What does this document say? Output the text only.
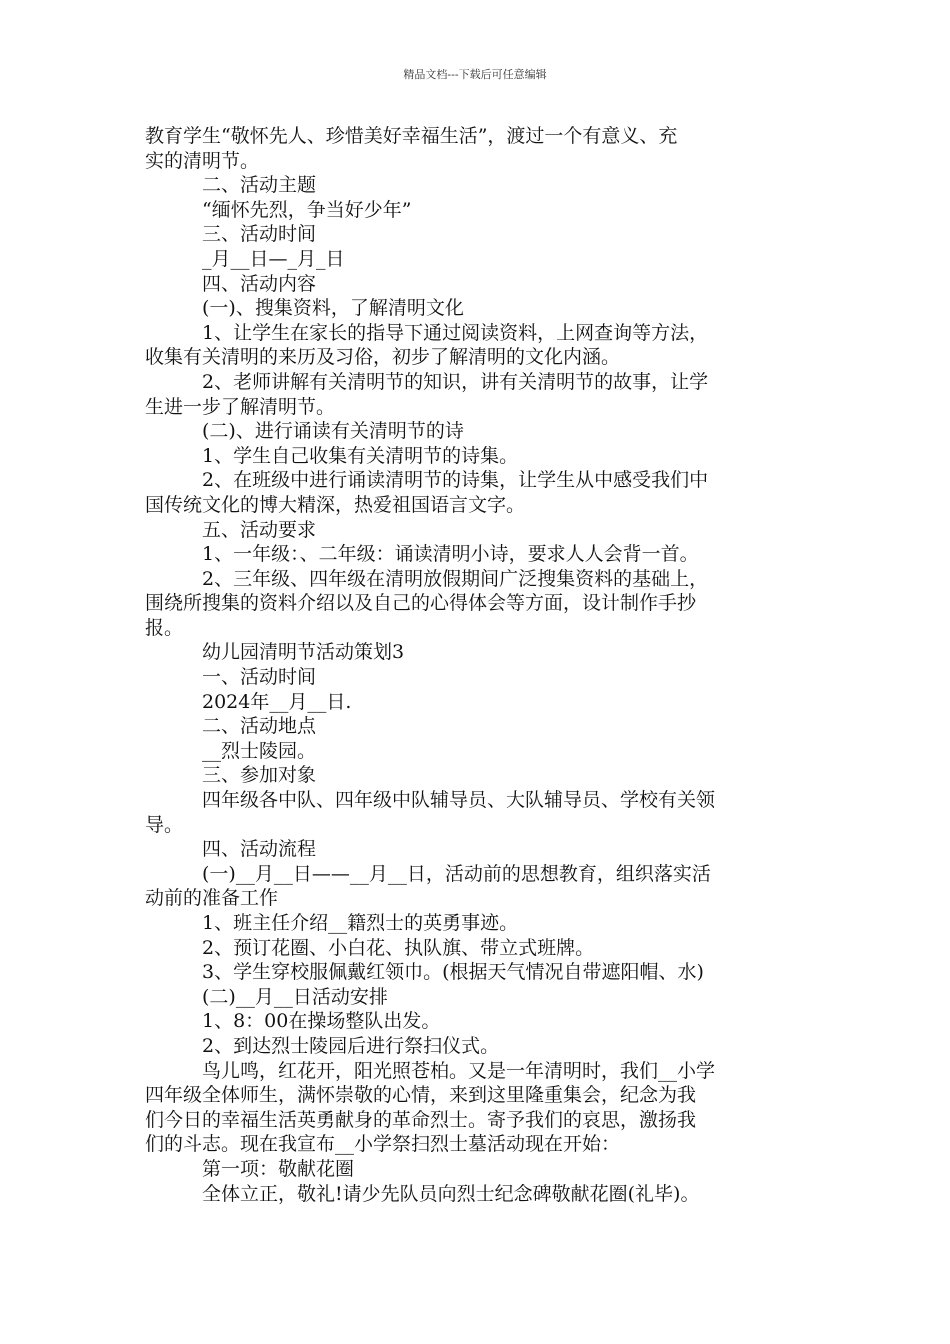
精品文档---下载后可任意编辑

教育学生“敬怀先人、珍惜美好幸福生活”，渡过一个有意义、充

实的清明节。

二、活动主题

“缅怀先烈，争当好少年”

三、活动时间

_月__日—_月_日

四、活动内容

(一)、搜集资料，了解清明文化

1、让学生在家长的指导下通过阅读资料，上网查询等方法，

收集有关清明的来历及习俗，初步了解清明的文化内涵。

2、老师讲解有关清明节的知识，讲有关清明节的故事，让学

生进一步了解清明节。

(二)、进行诵读有关清明节的诗

1、学生自己收集有关清明节的诗集。

2、在班级中进行诵读清明节的诗集，让学生从中感受我们中

国传统文化的博大精深，热爱祖国语言文字。

五、活动要求

1、一年级：、二年级：诵读清明小诗，要求人人会背一首。

2、三年级、四年级在清明放假期间广泛搜集资料的基础上，

围绕所搜集的资料介绍以及自己的心得体会等方面，设计制作手抄

报。

幼儿园清明节活动策划3

一、活动时间

2024年__月__日.

二、活动地点

__烈士陵园。

三、参加对象

四年级各中队、四年级中队辅导员、大队辅导员、学校有关领

导。

四、活动流程

(一)__月__日——__月__日，活动前的思想教育，组织落实活

动前的准备工作

1、班主任介绍__籍烈士的英勇事迹。

2、预订花圈、小白花、执队旗、带立式班牌。

3、学生穿校服佩戴红领巾。(根据天气情况自带遮阳帽、水)

(二)__月__日活动安排

1、8：00在操场整队出发。

2、到达烈士陵园后进行祭扫仪式。

鸟儿鸣，红花开，阳光照苍柏。又是一年清明时，我们__小学

四年级全体师生，满怀崇敬的心情，来到这里隆重集会，纪念为我

们今日的幸福生活英勇献身的革命烈士。寄予我们的哀思，激扬我

们的斗志。现在我宣布__小学祭扫烈士墓活动现在开始：

第一项：敬献花圈

全体立正，敬礼!请少先队员向烈士纪念碑敬献花圈(礼毕)。
